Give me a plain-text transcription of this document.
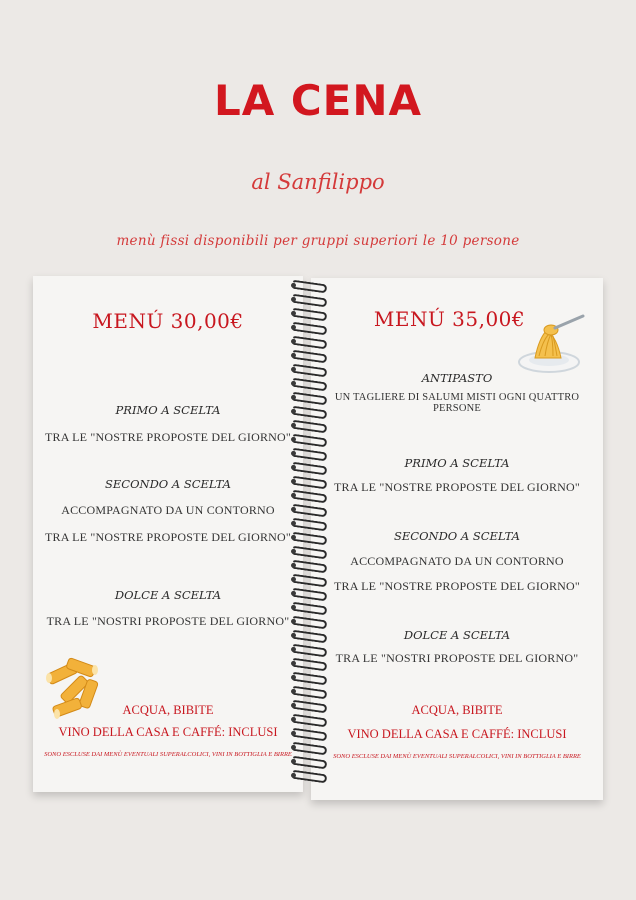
LA CENA
al Sanfilippo
menù fissi disponibili per gruppi superiori le 10 persone
MENÚ 30,00€
PRIMO A SCELTA
TRA LE "NOSTRE PROPOSTE DEL GIORNO"
SECONDO A SCELTA
ACCOMPAGNATO DA UN CONTORNO
TRA LE "NOSTRE PROPOSTE DEL GIORNO"
DOLCE A SCELTA
TRA LE "NOSTRI PROPOSTE DEL GIORNO"
ACQUA, BIBITE
VINO DELLA CASA E CAFFÉ: INCLUSI
SONO ESCLUSE DAI MENÙ EVENTUALI SUPERALCOLICI, VINI IN BOTTIGLIA E BIRRE
MENÚ 35,00€
ANTIPASTO
UN TAGLIERE DI SALUMI MISTI OGNI QUATTRO PERSONE
PRIMO A SCELTA
TRA LE "NOSTRE PROPOSTE DEL GIORNO"
SECONDO A SCELTA
ACCOMPAGNATO DA UN CONTORNO
TRA LE "NOSTRE PROPOSTE DEL GIORNO"
DOLCE A SCELTA
TRA LE "NOSTRI PROPOSTE DEL GIORNO"
ACQUA, BIBITE
VINO DELLA CASA E CAFFÉ: INCLUSI
SONO ESCLUSE DAI MENÙ EVENTUALI SUPERALCOLICI, VINI IN BOTTIGLIA E BIRRE
